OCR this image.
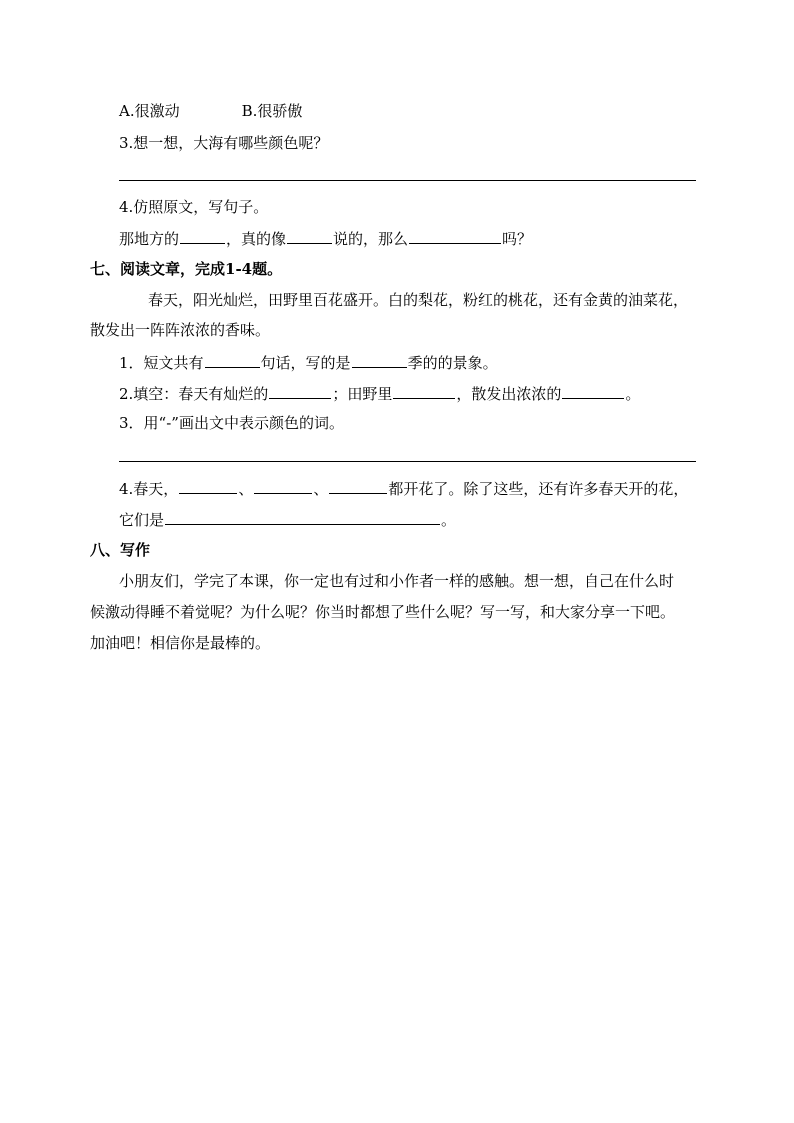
A.很激动	B.很骄傲
3.想一想，大海有哪些颜色呢？
4.仿照原文，写句子。
那地方的	，真的像	说的，那么	吗？
七、阅读文章，完成1-4题。
春天，阳光灿烂，田野里百花盛开。白的梨花，粉红的桃花，还有金黄的油菜花，
散发出一阵阵浓浓的香味。
1．短文共有	句话，写的是	季的的景象。
2.填空：春天有灿烂的	；田野里	，散发出浓浓的	。
3．用“-”画出文中表示颜色的词。
4.春天，	、	、	都开花了。除了这些，还有许多春天开的花，
它们是	。
八、写作
小朋友们，学完了本课，你一定也有过和小作者一样的感触。想一想，自己在什么时
候激动得睡不着觉呢？为什么呢？你当时都想了些什么呢？写一写，和大家分享一下吧。
加油吧！相信你是最棒的。
